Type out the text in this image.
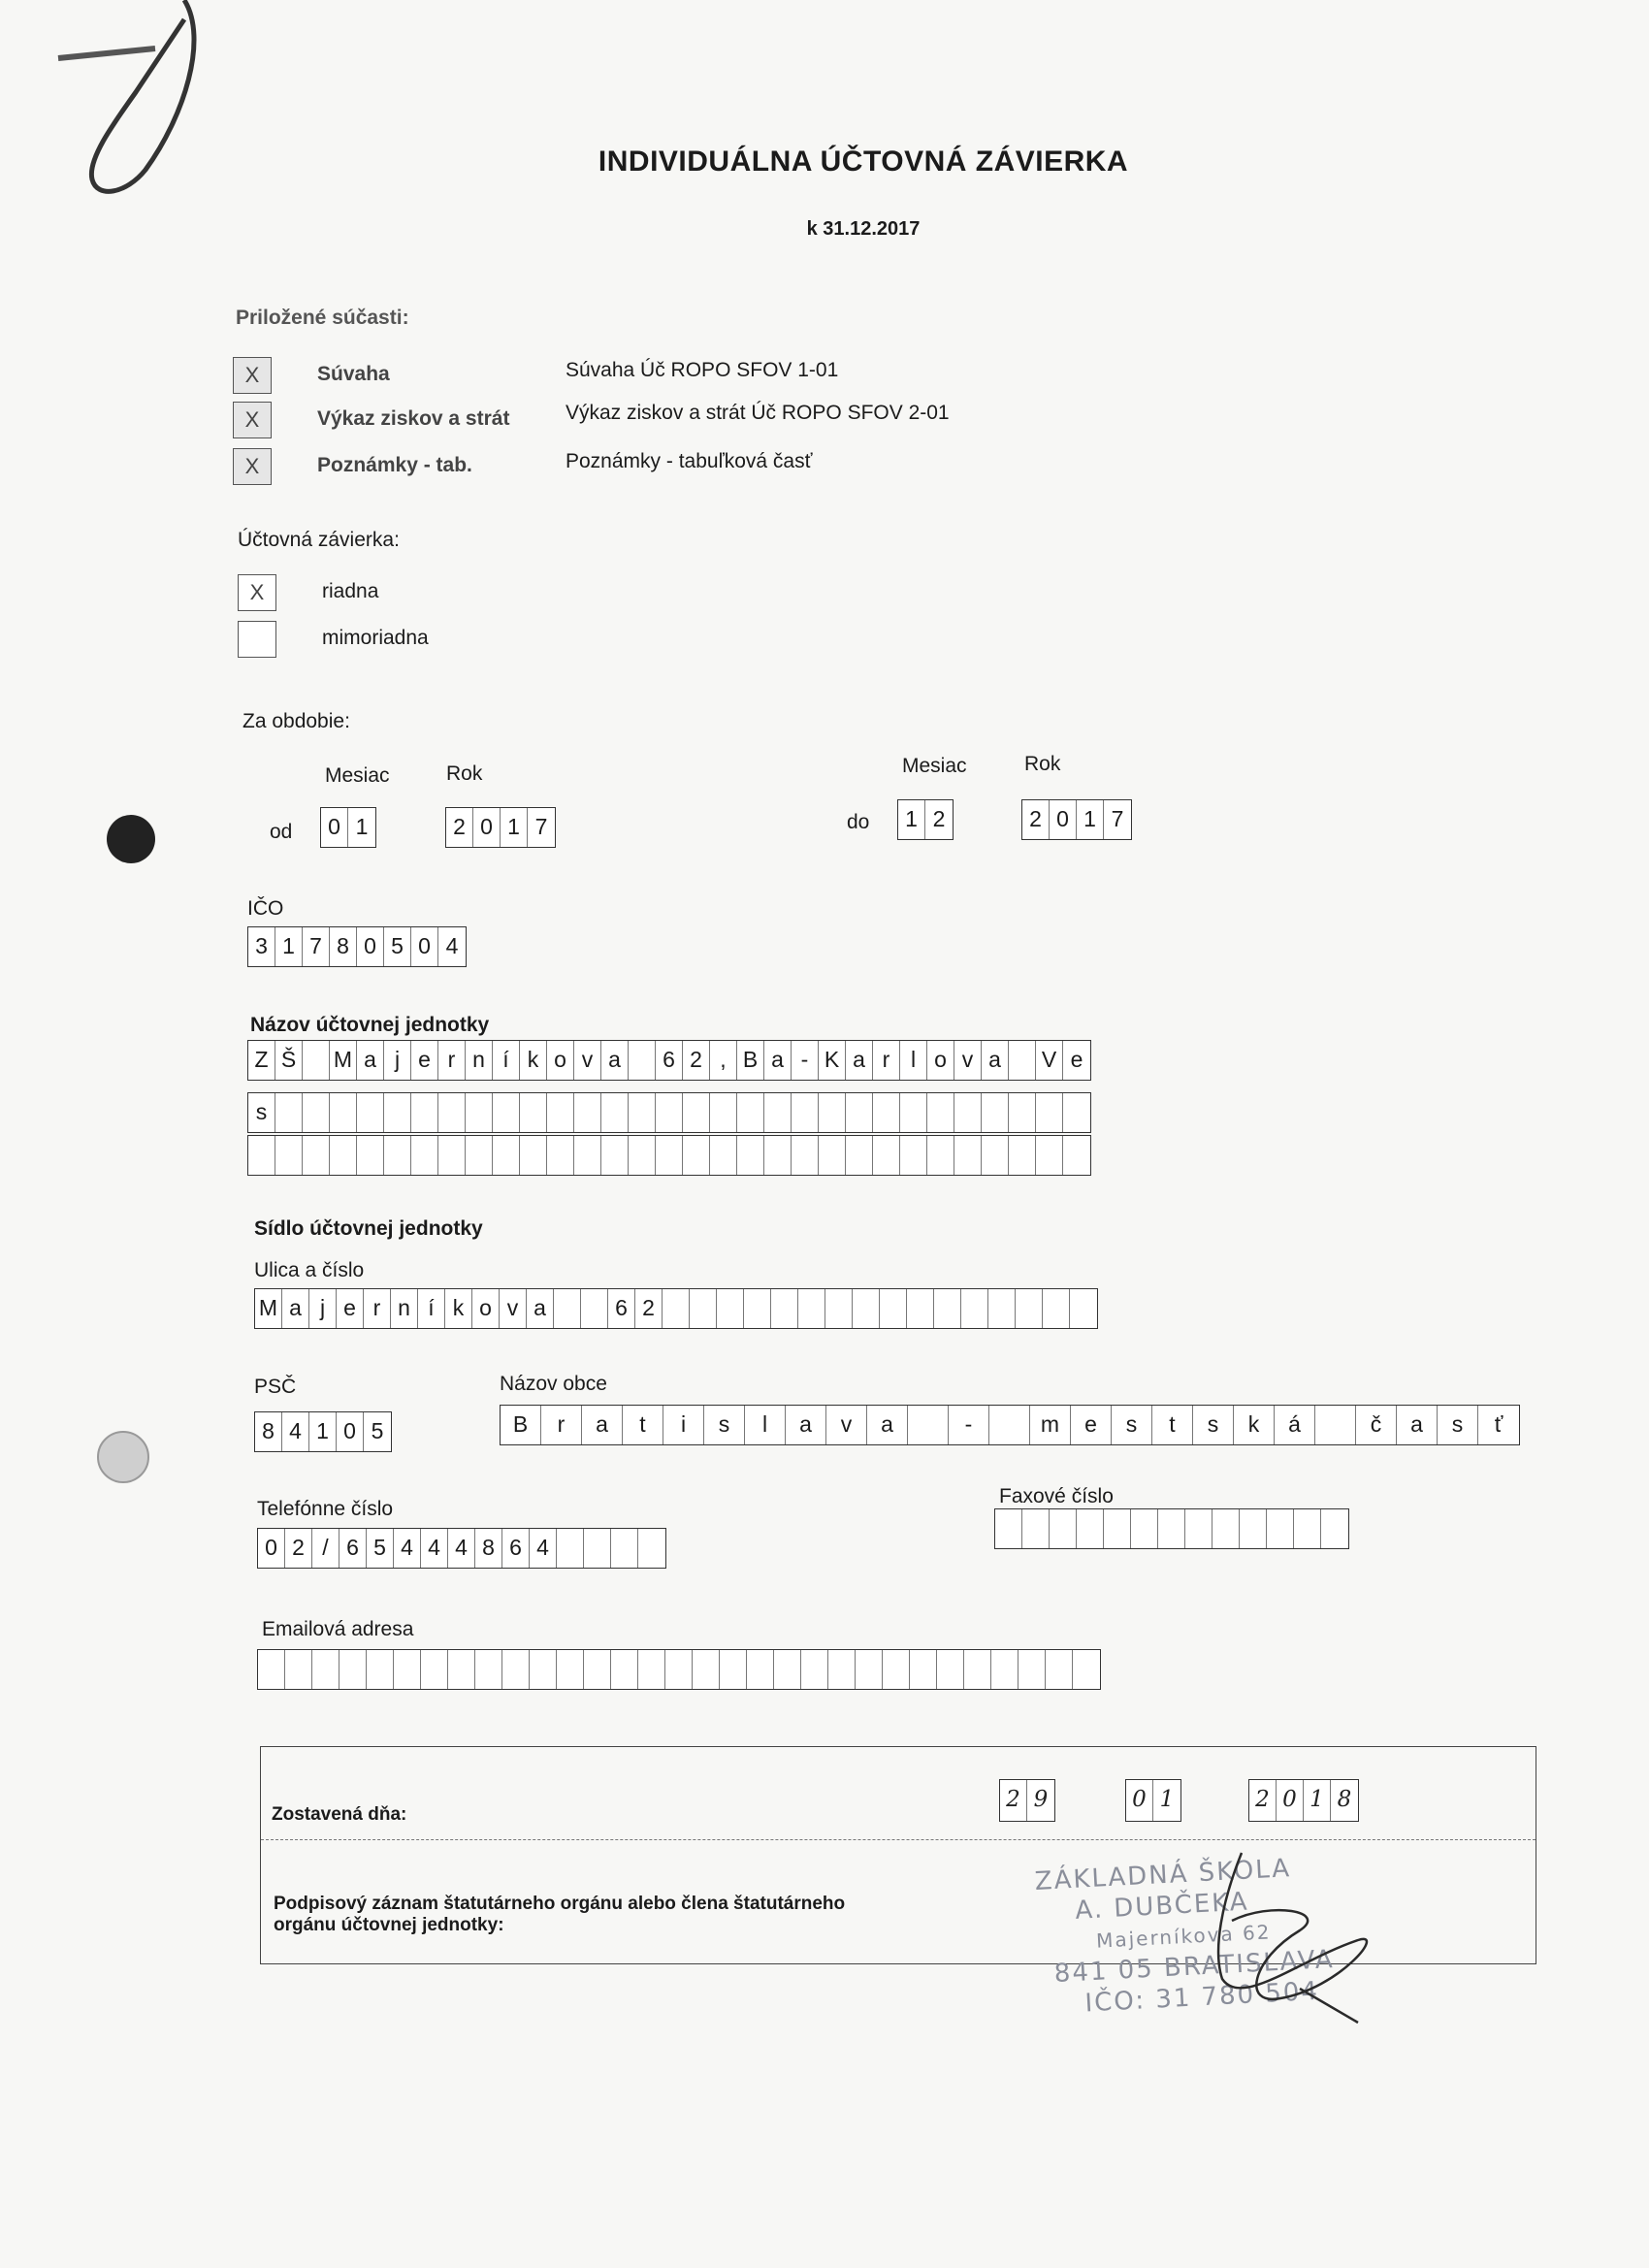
INDIVIDUÁLNA ÚČTOVNÁ ZÁVIERKA
k 31.12.2017
Priložené súčasti:
X	Súvaha	Súvaha Úč ROPO SFOV 1-01
X	Výkaz ziskov a strát	Výkaz ziskov a strát Úč ROPO SFOV 2-01
X	Poznámky - tab.	Poznámky - tabuľková časť
Účtovná závierka:
X	riadna
mimoriadna
Za obdobie:
Mesiac	Rok	Mesiac	Rok
od	0 1	2 0 1 7	do	1 2	2 0 1 7
IČO
3 1 7 8 0 5 0 4
Názov účtovnej jednotky
Z Š M a j e r n í k o v a	6 2 , B a - K a r l o v a	V e
s
Sídlo účtovnej jednotky
Ulica a číslo
M a j e r n í k o v a	6 2
PSČ	Názov obce
8 4 1 0 5	B	r	a	t	i	s	l	a	v	a	-	m	e	s	t	s	k	á	č	a	s	ť
Telefónne číslo
0 2 / 6 5 4 4 4 8 6 4
Faxové číslo
Emailová adresa
Zostavená dňa:
2 9	0 1	2 0 1 8
Podpisový záznam štatutárneho orgánu alebo člena štatutárneho orgánu účtovnej jednotky:
ZÁKLADNÁ ŠKOLA
A. DUBČEKA
Majerníkova 62
841 05 BRATISLAVA
IČO: 31 780 504
